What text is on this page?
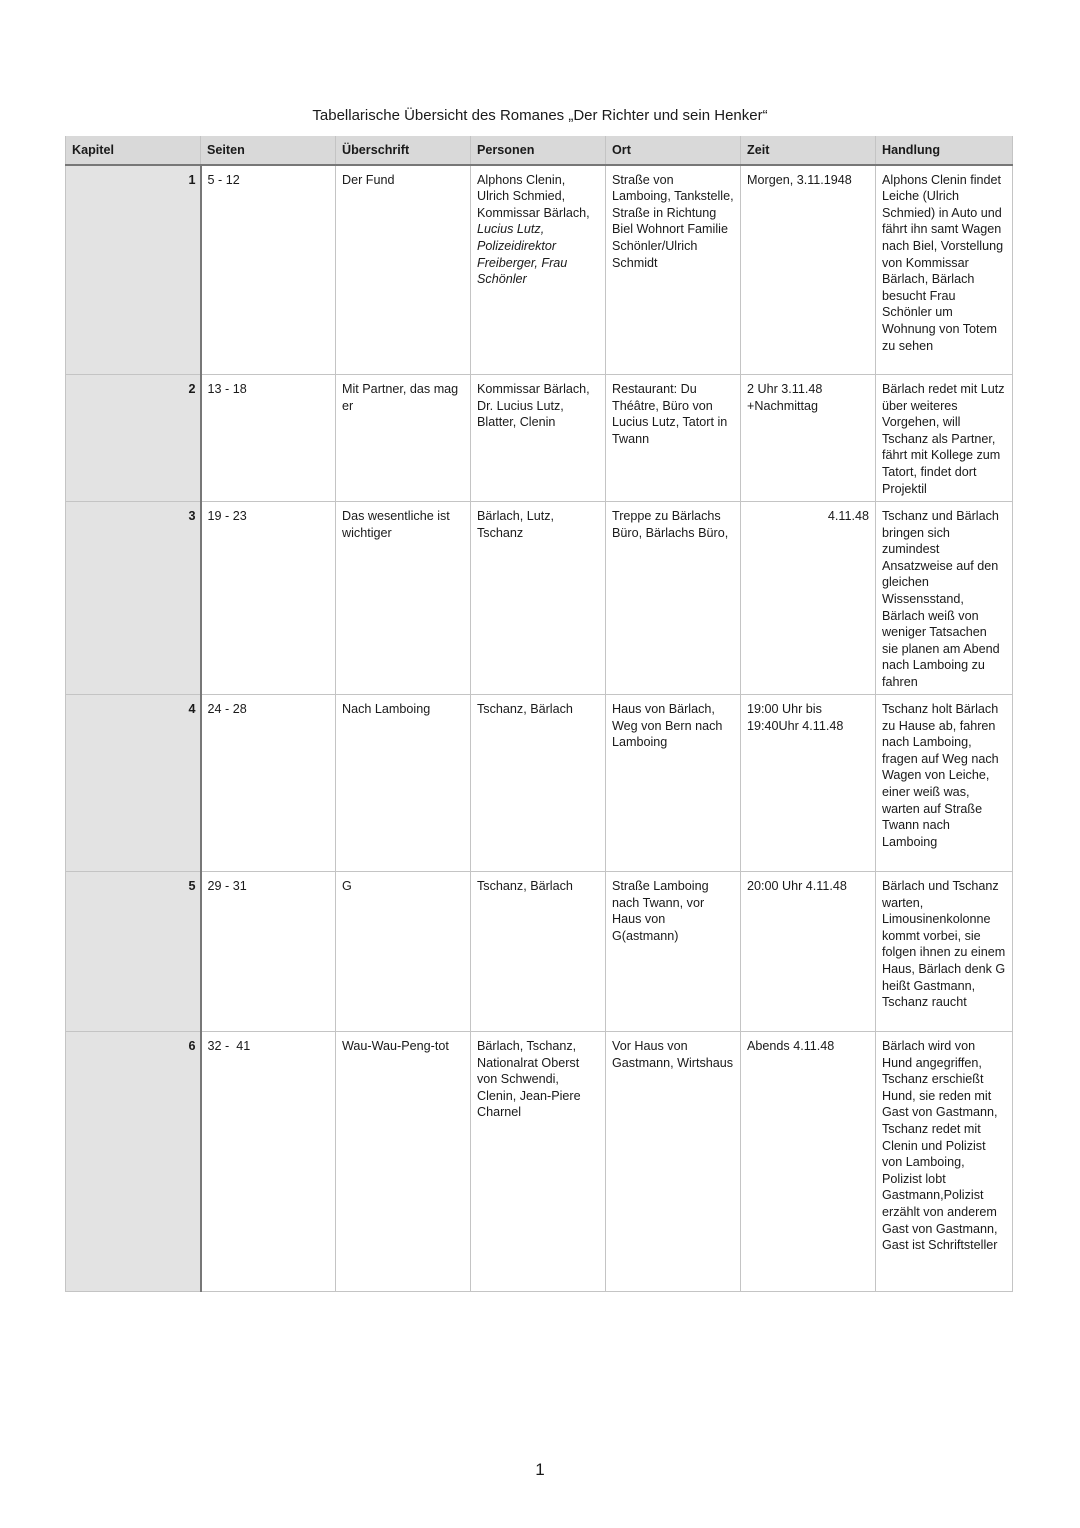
Tabellarische Übersicht des Romanes „Der Richter und sein Henker“
Kapitel	Seiten	Überschrift	Personen	Ort	Zeit	Handlung
1	5 - 12	Der Fund	Alphons Clenin, Ulrich Schmied, Kommissar Bärlach, Lucius Lutz, Polizeidirektor Freiberger, Frau Schönler	Straße von Lamboing, Tankstelle, Straße in Richtung Biel Wohnort Familie Schönler/Ulrich Schmidt	Morgen, 3.11.1948	Alphons Clenin findet Leiche (Ulrich Schmied) in Auto und fährt ihn samt Wagen nach Biel, Vorstellung von Kommissar Bärlach, Bärlach besucht Frau Schönler um Wohnung von Totem zu sehen
2	13 - 18	Mit Partner, das mag er	Kommissar Bärlach, Dr. Lucius Lutz, Blatter, Clenin	Restaurant: Du Théâtre, Büro von Lucius Lutz, Tatort in Twann	2 Uhr 3.11.48 +Nachmittag	Bärlach redet mit Lutz über weiteres Vorgehen, will Tschanz als Partner, fährt mit Kollege zum Tatort, findet dort Projektil
3	19 - 23	Das wesentliche ist wichtiger	Bärlach, Lutz, Tschanz	Treppe zu Bärlachs Büro, Bärlachs Büro,	4.11.48	Tschanz und Bärlach bringen sich zumindest Ansatzweise auf den gleichen Wissensstand, Bärlach weiß von weniger Tatsachen sie planen am Abend nach Lamboing zu fahren
4	24 - 28	Nach Lamboing	Tschanz, Bärlach	Haus von Bärlach, Weg von Bern nach Lamboing	19:00 Uhr bis 19:40Uhr 4.11.48	Tschanz holt Bärlach zu Hause ab, fahren nach Lamboing, fragen auf Weg nach Wagen von Leiche, einer weiß was, warten auf Straße Twann nach Lamboing
5	29 - 31	G	Tschanz, Bärlach	Straße Lamboing nach Twann, vor Haus von G(astmann)	20:00 Uhr 4.11.48	Bärlach und Tschanz warten, Limousinenkolonne kommt vorbei, sie folgen ihnen zu einem Haus, Bärlach denk G heißt Gastmann, Tschanz raucht
6	32 -  41	Wau-Wau-Peng-tot	Bärlach, Tschanz, Nationalrat Oberst von Schwendi, Clenin, Jean-Piere Charnel	Vor Haus von Gastmann, Wirtshaus	Abends 4.11.48	Bärlach wird von Hund angegriffen, Tschanz erschießt Hund, sie reden mit Gast von Gastmann, Tschanz redet mit Clenin und Polizist von Lamboing, Polizist lobt Gastmann,Polizist erzählt von anderem Gast von Gastmann, Gast ist Schriftsteller
1
